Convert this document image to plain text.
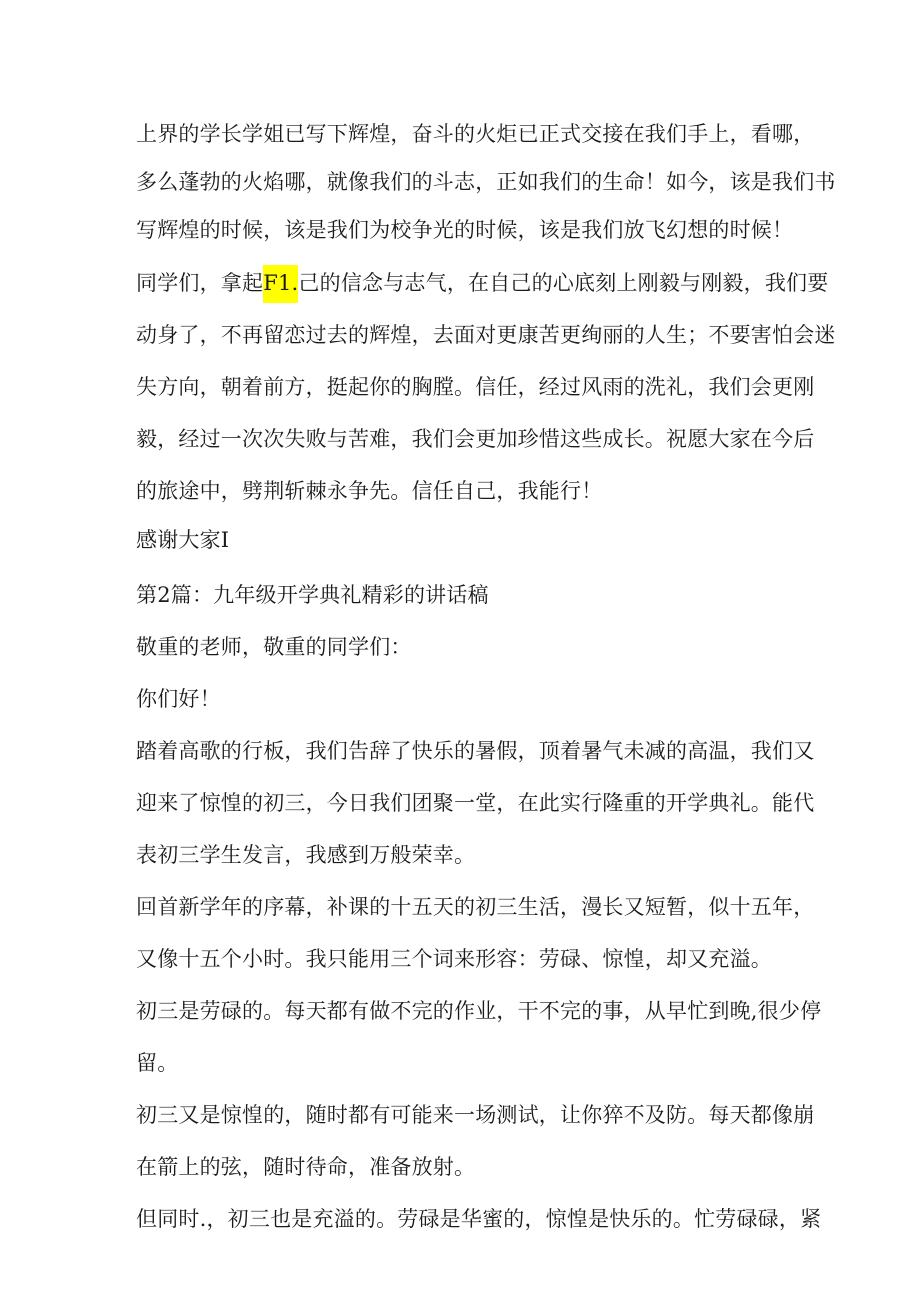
上界的学长学姐已写下辉煌，奋斗的火炬已正式交接在我们手上，看哪，
多么蓬勃的火焰哪，就像我们的斗志，正如我们的生命！如今，该是我们书
写辉煌的时候，该是我们为校争光的时候，该是我们放飞幻想的时候！
同学们，拿起F1.己的信念与志气，在自己的心底刻上刚毅与刚毅，我们要
动身了，不再留恋过去的辉煌，去面对更康苦更绚丽的人生；不要害怕会迷
失方向，朝着前方，挺起你的胸膛。信任，经过风雨的洗礼，我们会更刚
毅，经过一次次失败与苦难，我们会更加珍惜这些成长。祝愿大家在今后
的旅途中，劈荆斩棘永争先。信任自己，我能行！
感谢大家I
第2篇：九年级开学典礼精彩的讲话稿
敬重的老师，敬重的同学们：
你们好！
踏着高歌的行板，我们告辞了快乐的暑假，顶着暑气未减的高温，我们又
迎来了惊惶的初三，今日我们团聚一堂，在此实行隆重的开学典礼。能代
表初三学生发言，我感到万般荣幸。
回首新学年的序幕，补课的十五天的初三生活，漫长又短暂，似十五年，
又像十五个小时。我只能用三个词来形容：劳碌、惊惶，却又充溢。
初三是劳碌的。每天都有做不完的作业，干不完的事，从早忙到晚,很少停
留。
初三又是惊惶的，随时都有可能来一场测试，让你猝不及防。每天都像崩
在箭上的弦，随时待命，准备放射。
但同时.，初三也是充溢的。劳碌是华蜜的，惊惶是快乐的。忙劳碌碌，紧
